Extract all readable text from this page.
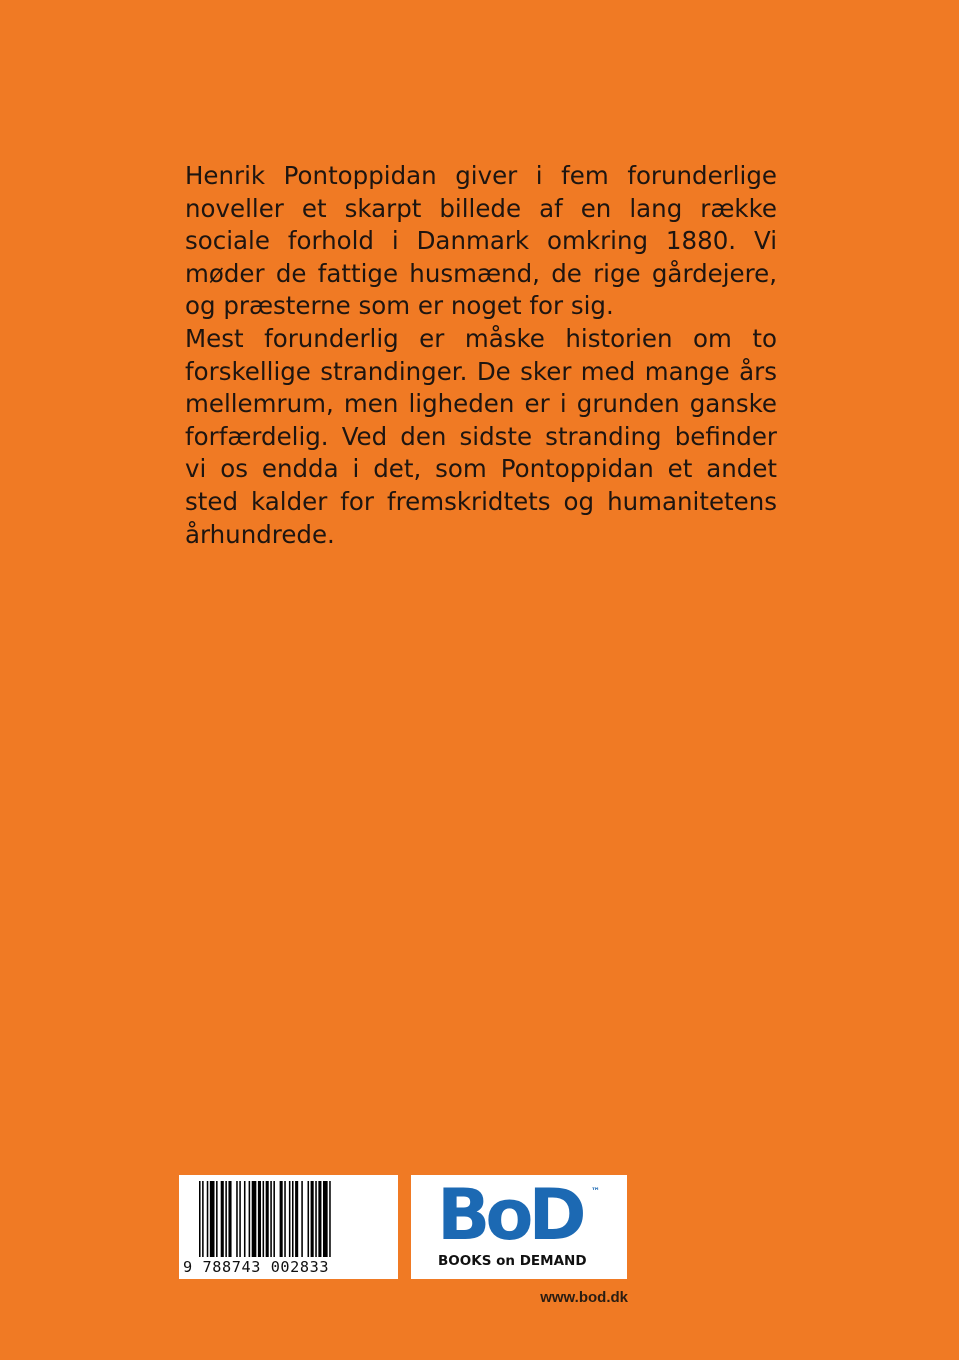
Henrik Pontoppidan giver i fem forunderlige noveller et skarpt billede af en lang række sociale forhold i Danmark omkring 1880. Vi møder de fattige husmænd, de rige gårdejere, og præsterne som er noget for sig.

Mest forunderlig er måske historien om to forskellige strandinger. De sker med mange års mellemrum, men ligheden er i grunden ganske forfærdelig. Ved den sidste stranding befinder vi os endda i det, som Pontoppidan et andet sted kalder for fremskridtets og humanitetens århundrede.

9 788743 002833
BoD ™
BOOKS on DEMAND
www.bod.dk
